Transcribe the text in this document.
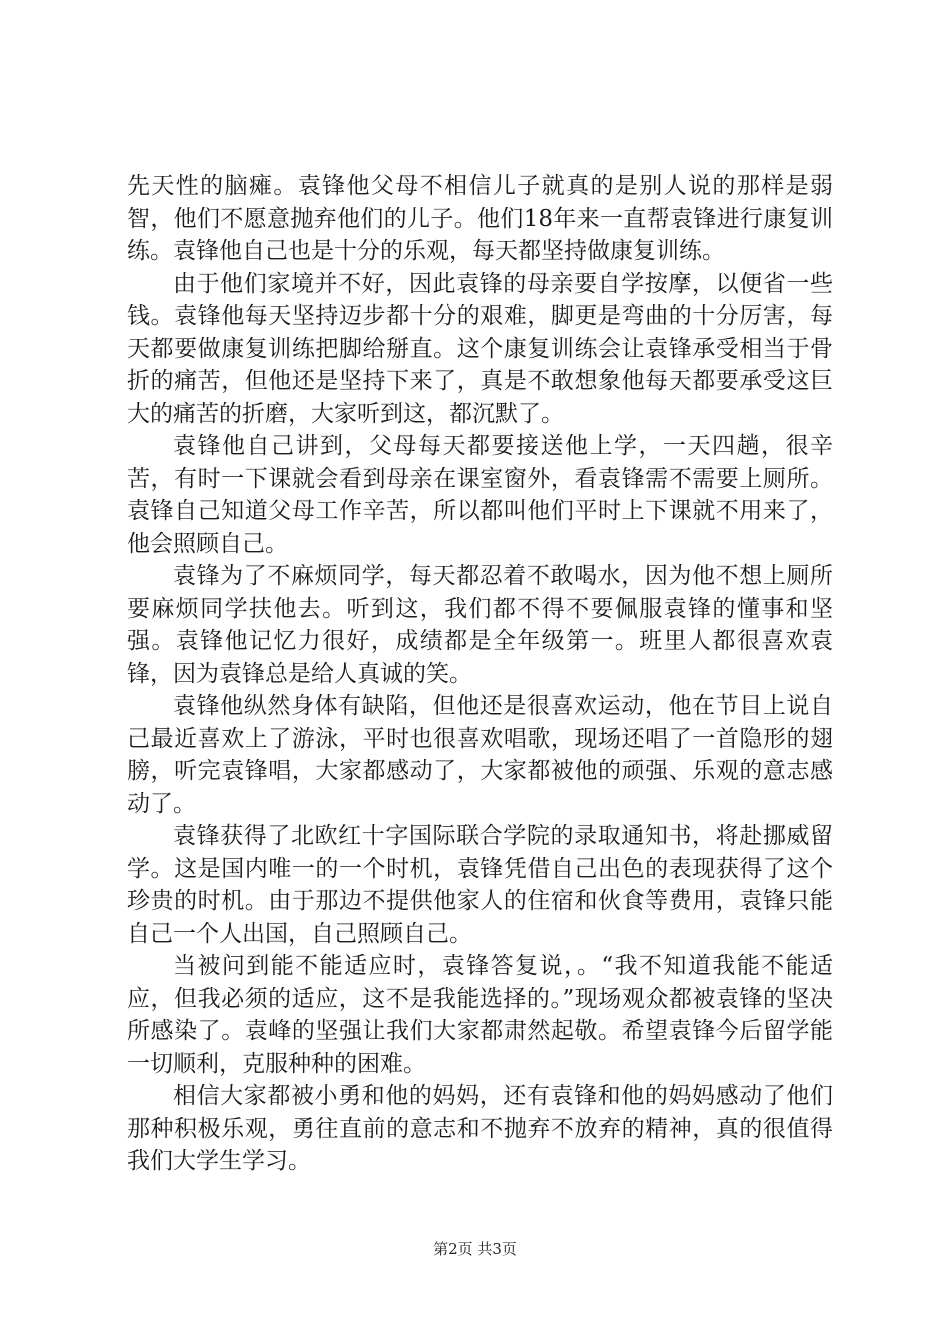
先天性的脑瘫。袁锋他父母不相信儿子就真的是别人说的那样是弱智，他们不愿意抛弃他们的儿子。他们18年来一直帮袁锋进行康复训练。袁锋他自己也是十分的乐观，每天都坚持做康复训练。

由于他们家境并不好，因此袁锋的母亲要自学按摩，以便省一些钱。袁锋他每天坚持迈步都十分的艰难，脚更是弯曲的十分厉害，每天都要做康复训练把脚给掰直。这个康复训练会让袁锋承受相当于骨折的痛苦，但他还是坚持下来了，真是不敢想象他每天都要承受这巨大的痛苦的折磨，大家听到这，都沉默了。

袁锋他自己讲到，父母每天都要接送他上学，一天四趟，很辛苦，有时一下课就会看到母亲在课室窗外，看袁锋需不需要上厕所。袁锋自己知道父母工作辛苦，所以都叫他们平时上下课就不用来了，他会照顾自己。

袁锋为了不麻烦同学，每天都忍着不敢喝水，因为他不想上厕所要麻烦同学扶他去。听到这，我们都不得不要佩服袁锋的懂事和坚强。袁锋他记忆力很好，成绩都是全年级第一。班里人都很喜欢袁锋，因为袁锋总是给人真诚的笑。

袁锋他纵然身体有缺陷，但他还是很喜欢运动，他在节目上说自己最近喜欢上了游泳，平时也很喜欢唱歌，现场还唱了一首隐形的翅膀，听完袁锋唱，大家都感动了，大家都被他的顽强、乐观的意志感动了。

袁锋获得了北欧红十字国际联合学院的录取通知书，将赴挪威留学。这是国内唯一的一个时机，袁锋凭借自己出色的表现获得了这个珍贵的时机。由于那边不提供他家人的住宿和伙食等费用，袁锋只能自己一个人出国，自己照顾自己。

当被问到能不能适应时，袁锋答复说，。“我不知道我能不能适应，但我必须的适应，这不是我能选择的。”现场观众都被袁锋的坚决所感染了。袁峰的坚强让我们大家都肃然起敬。希望袁锋今后留学能一切顺利，克服种种的困难。

相信大家都被小勇和他的妈妈，还有袁锋和他的妈妈感动了他们那种积极乐观，勇往直前的意志和不抛弃不放弃的精神，真的很值得我们大学生学习。

第2页 共3页
